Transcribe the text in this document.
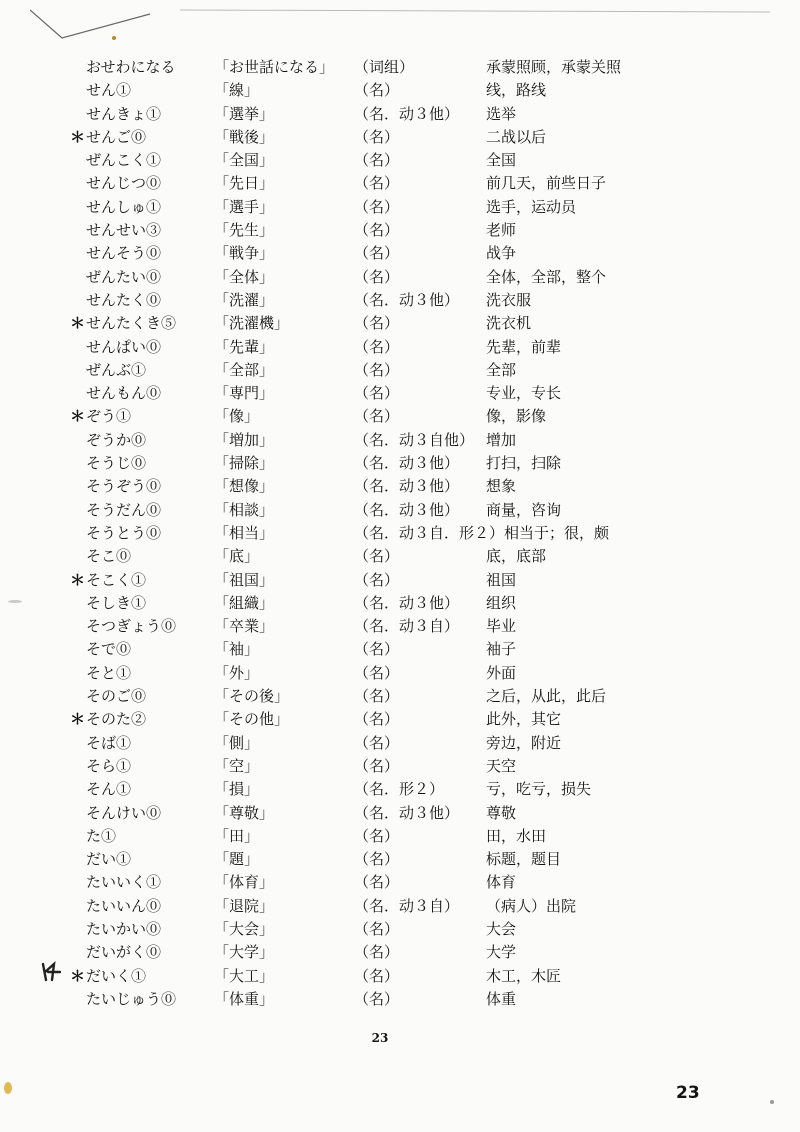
おせわになる	「お世話になる」 （词组）	承蒙照顾，承蒙关照
せん①	「線」	（名）	线，路线
せんきょ①	「選挙」	（名．动３他） 选举
＊ せんご⓪	「戦後」	（名）	二战以后
ぜんこく①	「全国」	（名）	全国
せんじつ⓪	「先日」	（名）	前几天，前些日子
せんしゅ①	「選手」	（名）	选手，运动员
せんせい③	「先生」	（名）	老师
せんそう⓪	「戦争」	（名）	战争
ぜんたい⓪	「全体」	（名）	全体，全部，整个
せんたく⓪	「洗濯」	（名．动３他） 洗衣服
＊ せんたくき⑤	「洗濯機」	（名）	洗衣机
せんぱい⓪	「先輩」	（名）	先辈，前辈
ぜんぶ①	「全部」	（名）	全部
せんもん⓪	「専門」	（名）	专业，专长
＊ ぞう①	「像」	（名）	像，影像
ぞうか⓪	「増加」	（名．动３自他） 增加
そうじ⓪	「掃除」	（名．动３他） 打扫，扫除
そうぞう⓪	「想像」	（名．动３他） 想象
そうだん⓪	「相談」	（名．动３他） 商量，咨询
そうとう⓪	「相当」	（名．动３自．形２）相当于；很，颇
そこ⓪	「底」	（名）	底，底部
＊ そこく①	「祖国」	（名）	祖国
そしき①	「組織」	（名．动３他） 组织
そつぎょう⓪	「卒業」	（名．动３自） 毕业
そで⓪	「袖」	（名）	袖子
そと①	「外」	（名）	外面
そのご⓪	「その後」	（名）	之后，从此，此后
＊ そのた②	「その他」	（名）	此外，其它
そば①	「側」	（名）	旁边，附近
そら①	「空」	（名）	天空
そん①	「損」	（名．形２）	亏，吃亏，损失
そんけい⓪	「尊敬」	（名．动３他） 尊敬
た①	「田」	（名）	田，水田
だい①	「題」	（名）	标题，题目
たいいく①	「体育」	（名）	体育
たいいん⓪	「退院」	（名．动３自） （病人）出院
たいかい⓪	「大会」	（名）	大会
だいがく⓪	「大学」	（名）	大学
＊ だいく①	「大工」	（名）	木工，木匠
たいじゅう⓪	「体重」	（名）	体重
23
23
